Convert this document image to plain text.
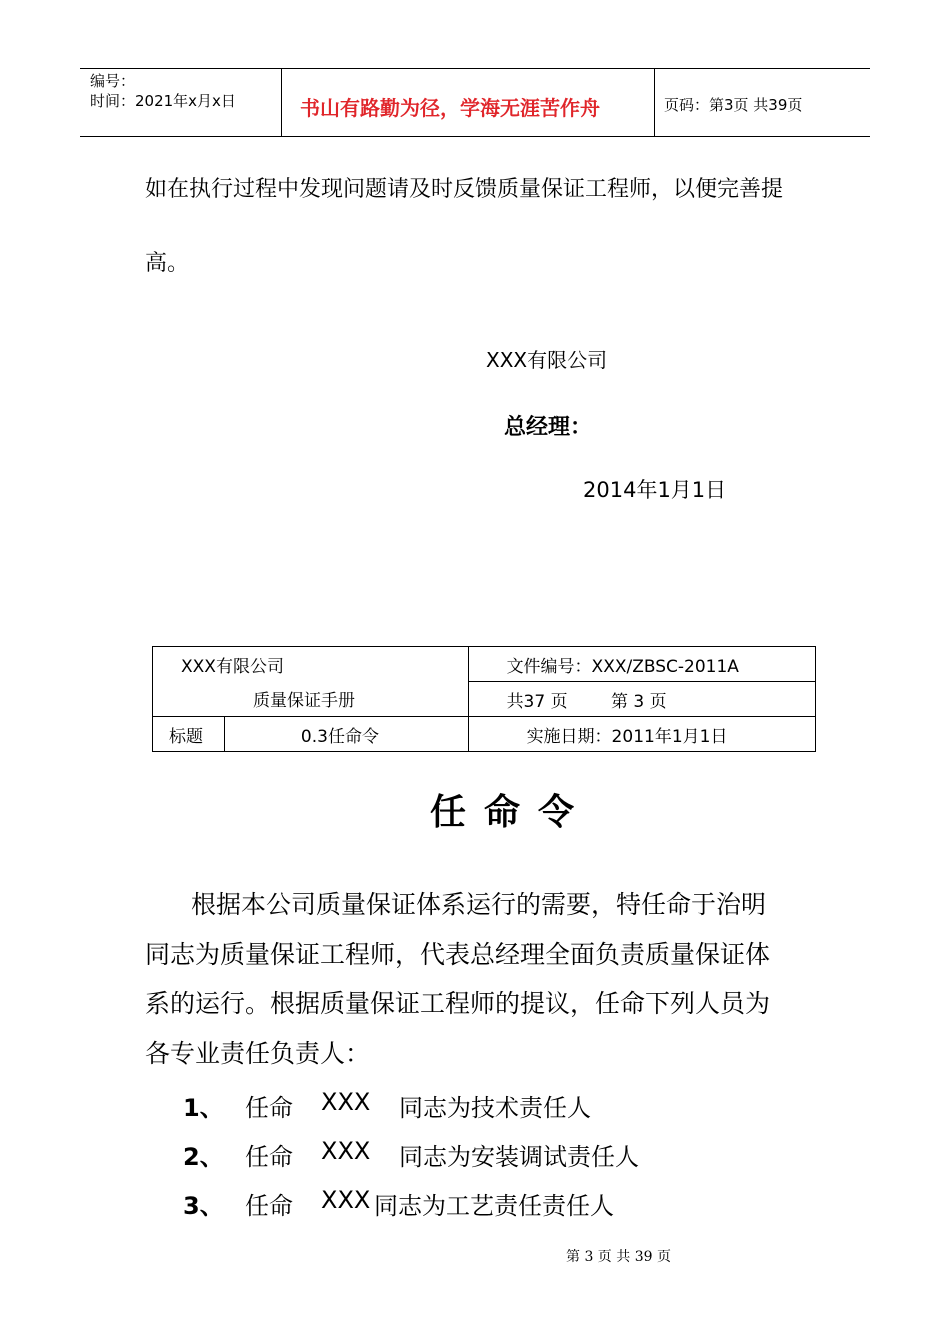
编号：
时间：2021年x月x日	书山有路勤为径，学海无涯苦作舟	页码：第3页 共39页
如在执行过程中发现问题请及时反馈质量保证工程师，以便完善提
高。
XXX有限公司
总经理：
2014年1月1日
XXX有限公司		文件编号：XXX/ZBSC-2011A
质量保证手册		共37 页 第 3 页
标题	0.3任命令	实施日期：2011年1月1日
任命令
根据本公司质量保证体系运行的需要，特任命于治明
同志为质量保证工程师，代表总经理全面负责质量保证体
系的运行。根据质量保证工程师的提议，任命下列人员为
各专业责任负责人：
1、 任命 XXX 同志为技术责任人
2、 任命 XXX 同志为安装调试责任人
3、 任命 XXX 同志为工艺责任责任人
第 3 页 共 39 页
